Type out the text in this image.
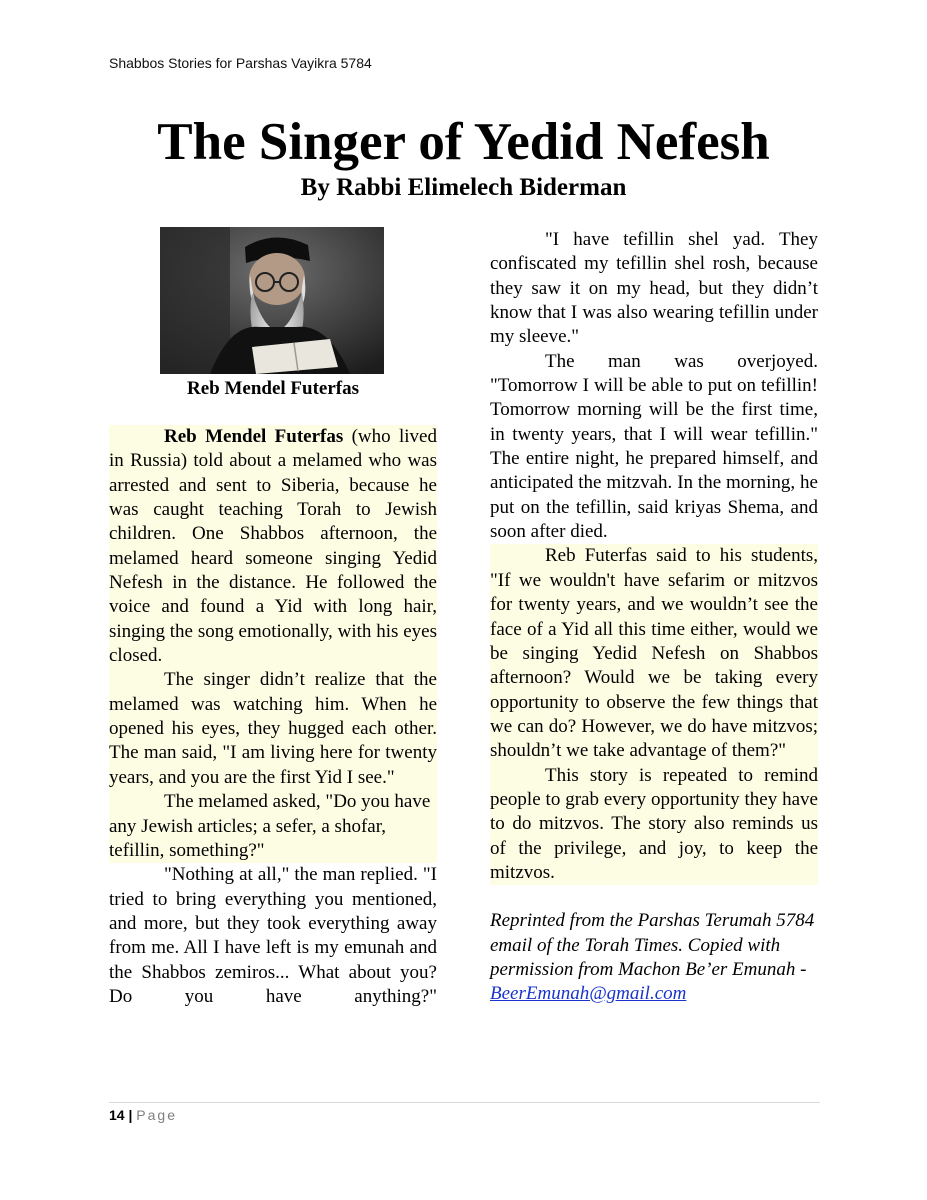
Shabbos Stories for Parshas Vayikra 5784
The Singer of Yedid Nefesh
By Rabbi Elimelech Biderman
Reb Mendel Futerfas

Reb Mendel Futerfas (who lived in Russia) told about a melamed who was arrested and sent to Siberia, because he was caught teaching Torah to Jewish children. One Shabbos afternoon, the melamed heard someone singing Yedid Nefesh in the distance. He followed the voice and found a Yid with long hair, singing the song emotionally, with his eyes closed.

The singer didn’t realize that the melamed was watching him. When he opened his eyes, they hugged each other. The man said, "I am living here for twenty years, and you are the first Yid I see."

The melamed asked, "Do you have any Jewish articles; a sefer, a shofar,

tefillin, something?"

"Nothing at all," the man replied. "I tried to bring everything you mentioned, and more, but they took everything away from me. All I have left is my emunah and the Shabbos zemiros... What about you? Do you have anything?"

"I have tefillin shel yad. They confiscated my tefillin shel rosh, because they saw it on my head, but they didn’t know that I was also wearing tefillin under my sleeve."

The man was overjoyed. "Tomorrow I will be able to put on tefillin! Tomorrow morning will be the first time, in twenty years, that I will wear tefillin."

The entire night, he prepared himself, and anticipated the mitzvah. In the morning, he put on the tefillin, said kriyas Shema, and soon after died.

Reb Futerfas said to his students, "If we wouldn't have sefarim or mitzvos for twenty years, and we wouldn’t see the face of a Yid all this time either, would we be singing Yedid Nefesh on Shabbos afternoon? Would we be taking every opportunity to observe the few things that we can do? However, we do have mitzvos; shouldn’t we take advantage of them?"

This story is repeated to remind people to grab every opportunity they have to do mitzvos. The story also reminds us of the privilege, and joy, to keep the mitzvos.

Reprinted from the Parshas Terumah 5784 email of the Torah Times. Copied with permission from Machon Be’er Emunah - BeerEmunah@gmail.com

14 | Page
